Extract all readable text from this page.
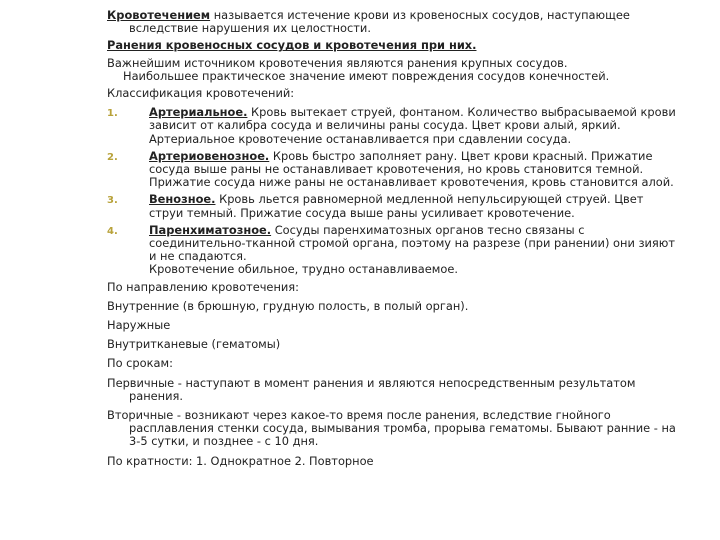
Кровотечением называется истечение крови из кровеносных сосудов, наступающее
вследствие нарушения их целостности.

Ранения кровеносных сосудов и кровотечения при них.

Важнейшим источником кровотечения являются ранения крупных сосудов.
Наибольшее практическое значение имеют повреждения сосудов конечностей.

Классификация кровотечений:

1.	Артериальное. Кровь вытекает струей, фонтаном. Количество выбрасываемой крови зависит от калибра сосуда и величины раны сосуда. Цвет крови алый, яркий. Артериальное кровотечение останавливается при сдавлении сосуда.
2.	Артериовенозное. Кровь быстро заполняет рану. Цвет крови красный. Прижатие сосуда выше раны не останавливает кровотечения, но кровь становится темной. Прижатие сосуда ниже раны не останавливает кровотечения, кровь становится алой.
3.	Венозное. Кровь льется равномерной медленной непульсирующей струей. Цвет струи темный. Прижатие сосуда выше раны усиливает кровотечение.
4.	Паренхиматозное. Сосуды паренхиматозных органов тесно связаны с соединительно-тканной стромой органа, поэтому на разрезе (при ранении) они зияют и не спадаются.
Кровотечение обильное, трудно останавливаемое.

По направлению кровотечения:

Внутренние (в брюшную, грудную полость, в полый орган).

Наружные

Внутритканевые (гематомы)

По срокам:

Первичные - наступают в момент ранения и являются непосредственным результатом ранения.

Вторичные - возникают через какое-то время после ранения, вследствие гнойного расплавления стенки сосуда, вымывания тромба, прорыва гематомы. Бывают ранние - на 3-5 сутки, и позднее - с 10 дня.

По кратности: 1. Однократное 2. Повторное
